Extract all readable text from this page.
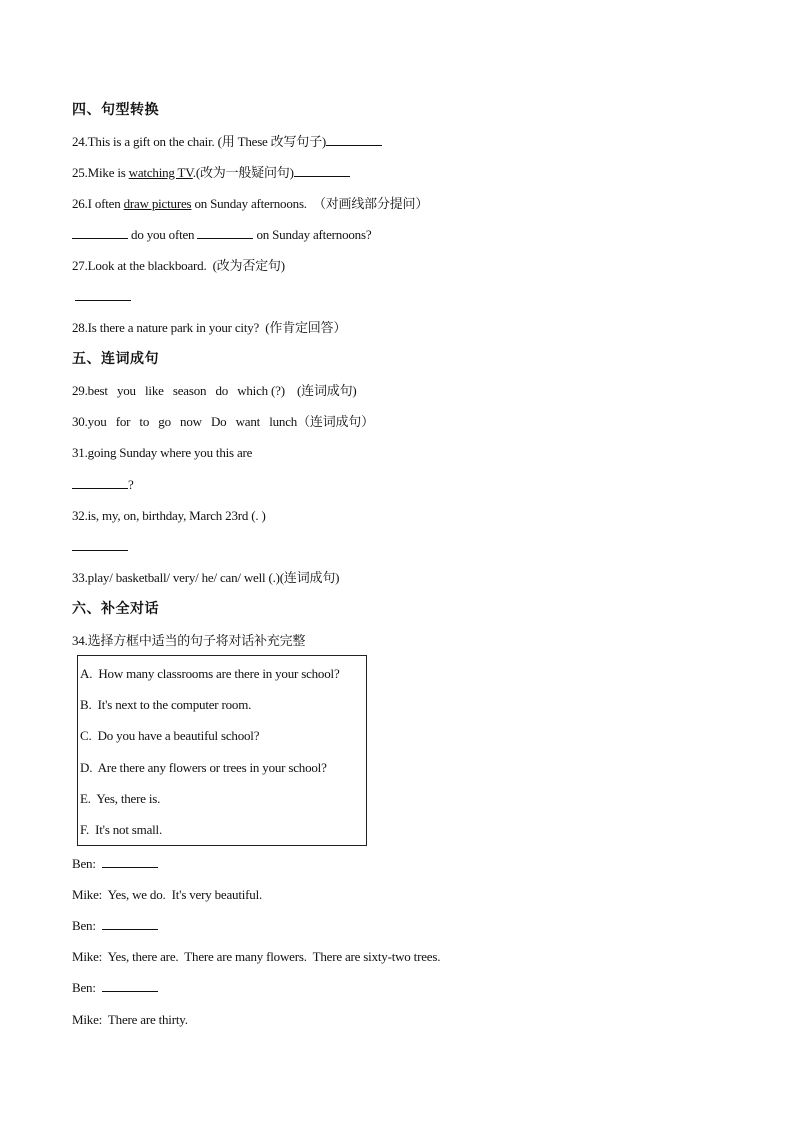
四、句型转换
24.This is a gift on the chair. (用 These 改写句子)
25.Mike is watching TV.(改为一般疑问句)
26.I often draw pictures on Sunday afternoons.  （对画线部分提问）
do you often	on Sunday afternoons?
27.Look at the blackboard.  (改为否定句)
28.Is there a nature park in your city?  (作肯定回答）
五、连词成句
29.best   you   like   season   do   which (?)    (连词成句)
30.you   for   to   go   now   Do   want   lunch（连词成句）
31.going Sunday where you this are
?
32.is, my, on, birthday, March 23rd (. )
33.play/ basketball/ very/ he/ can/ well (.)(连词成句)
六、补全对话
34.选择方框中适当的句子将对话补充完整
A.  How many classrooms are there in your school?
B.  It's next to the computer room.
C.  Do you have a beautiful school?
D.  Are there any flowers or trees in your school?
E.  Yes, there is.
F.  It's not small.
Ben:
Mike:  Yes, we do.  It's very beautiful.
Ben:
Mike:  Yes, there are.  There are many flowers.  There are sixty-two trees.
Ben:
Mike:  There are thirty.
